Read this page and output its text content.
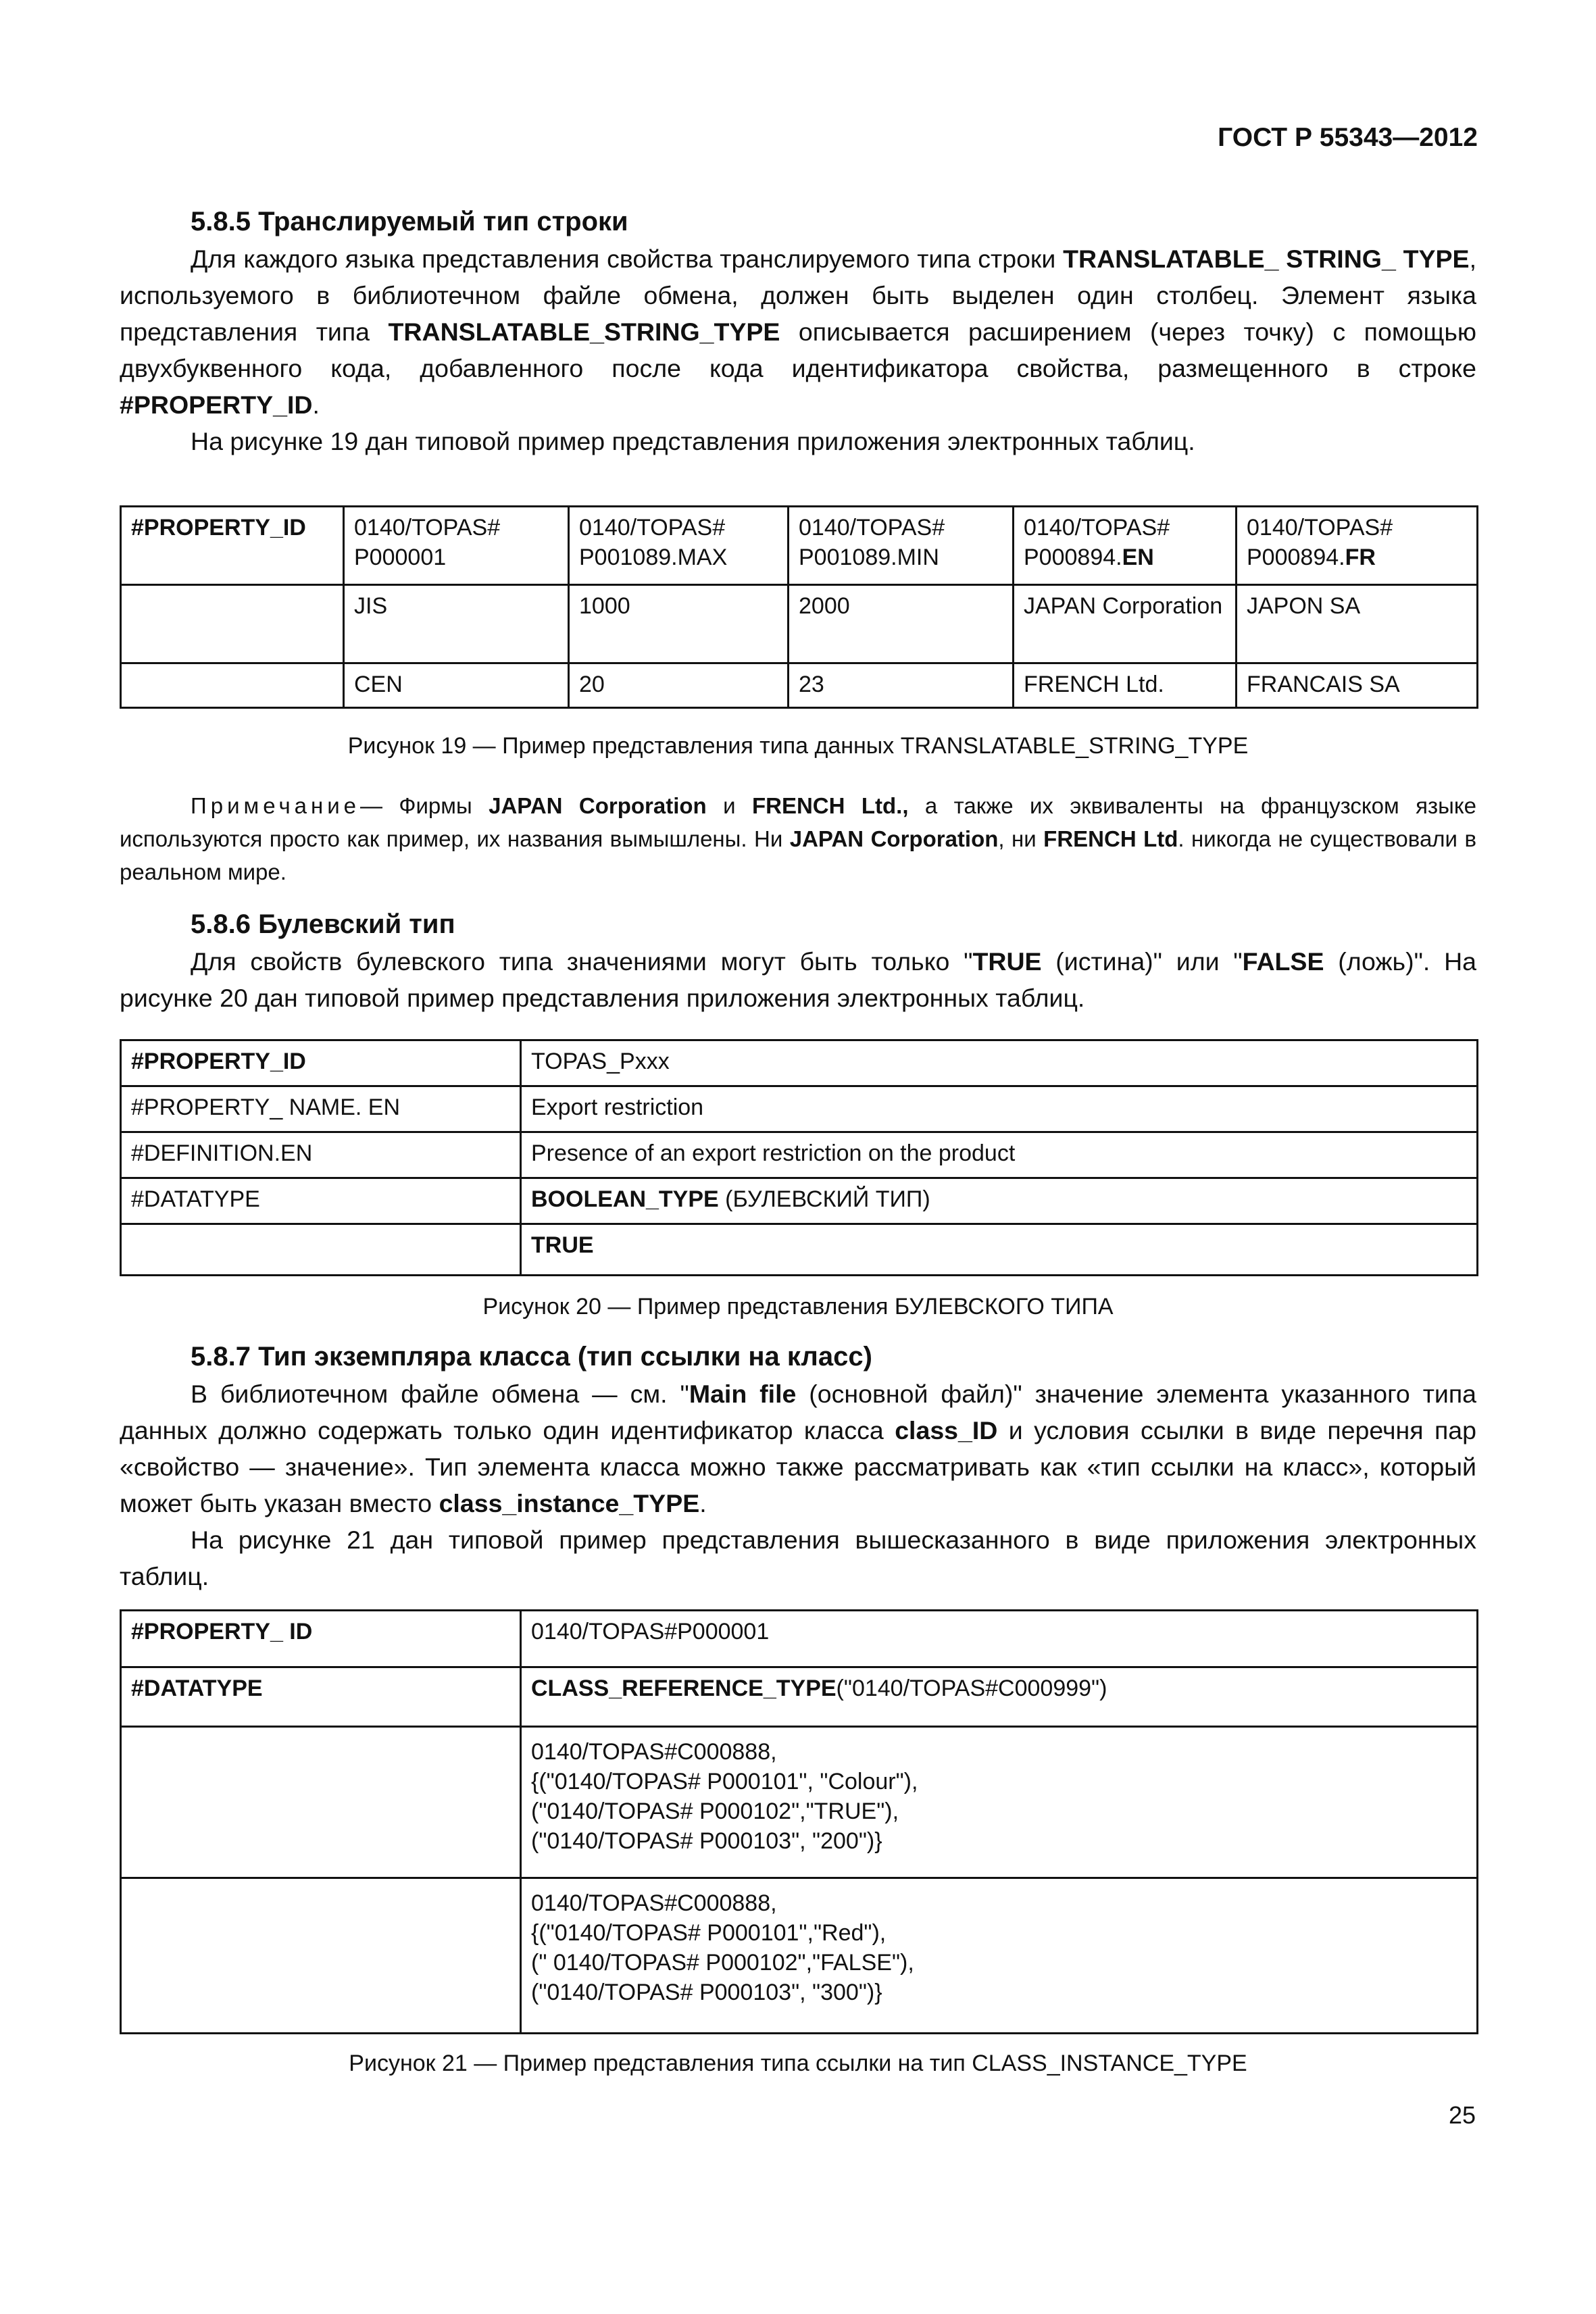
ГОСТ Р 55343—2012

5.8.5 Транслируемый тип строки

Для каждого языка представления свойства транслируемого типа строки TRANSLATABLE_ STRING_ TYPE, используемого в библиотечном файле обмена, должен быть выделен один столбец. Элемент языка представления типа TRANSLATABLE_STRING_TYPE описывается расширением (через точку) с помощью двухбуквенного кода, добавленного после кода идентификатора свойства, размещенного в строке #PROPERTY_ID.

На рисунке 19 дан типовой пример представления приложения электронных таблиц.

#PROPERTY_ID	0140/TOPAS# P000001	0140/TOPAS# P001089.MAX	0140/TOPAS# P001089.MIN	0140/TOPAS# P000894.EN	0140/TOPAS# P000894.FR
	JIS	1000	2000	JAPAN Corporation	JAPON SA
	CEN	20	23	FRENCH Ltd.	FRANCAIS SA

Рисунок 19 — Пример представления типа данных TRANSLATABLE_STRING_TYPE

Примечание— Фирмы JAPAN Corporation и FRENCH Ltd., а также их эквиваленты на французском языке используются просто как пример, их названия вымышлены. Ни JAPAN Corporation, ни FRENCH Ltd. никогда не существовали в реальном мире.

5.8.6 Булевский тип

Для свойств булевского типа значениями могут быть только "TRUE (истина)" или "FALSE (ложь)". На рисунке 20 дан типовой пример представления приложения электронных таблиц.

#PROPERTY_ID	TOPAS_Pxxx
#PROPERTY_ NAME. EN	Export restriction
#DEFINITION.EN	Presence of an export restriction on the product
#DATATYPE	BOOLEAN_TYPE (БУЛЕВСКИЙ ТИП)
	TRUE

Рисунок 20 — Пример представления БУЛЕВСКОГО ТИПА

5.8.7 Тип экземпляра класса (тип ссылки на класс)

В библиотечном файле обмена — см. "Main file (основной файл)" значение элемента указанного типа данных должно содержать только один идентификатор класса class_ID и условия ссылки в виде перечня пар «свойство — значение». Тип элемента класса можно также рассматривать как «тип ссылки на класс», который может быть указан вместо class_instance_TYPE.

На рисунке 21 дан типовой пример представления вышесказанного в виде приложения электронных таблиц.

#PROPERTY_ ID	0140/TOPAS#P000001
#DATATYPE	CLASS_REFERENCE_TYPE("0140/TOPAS#C000999")

	0140/TOPAS#C000888,
{("0140/TOPAS# P000101", "Colour"),
("0140/TOPAS# P000102","TRUE"),
("0140/TOPAS# P000103", "200")}

	0140/TOPAS#C000888,
{("0140/TOPAS# P000101","Red"),
(" 0140/TOPAS# P000102","FALSE"),
("0140/TOPAS# P000103", "300")}

Рисунок 21 — Пример представления типа ссылки на тип CLASS_INSTANCE_TYPE

25
